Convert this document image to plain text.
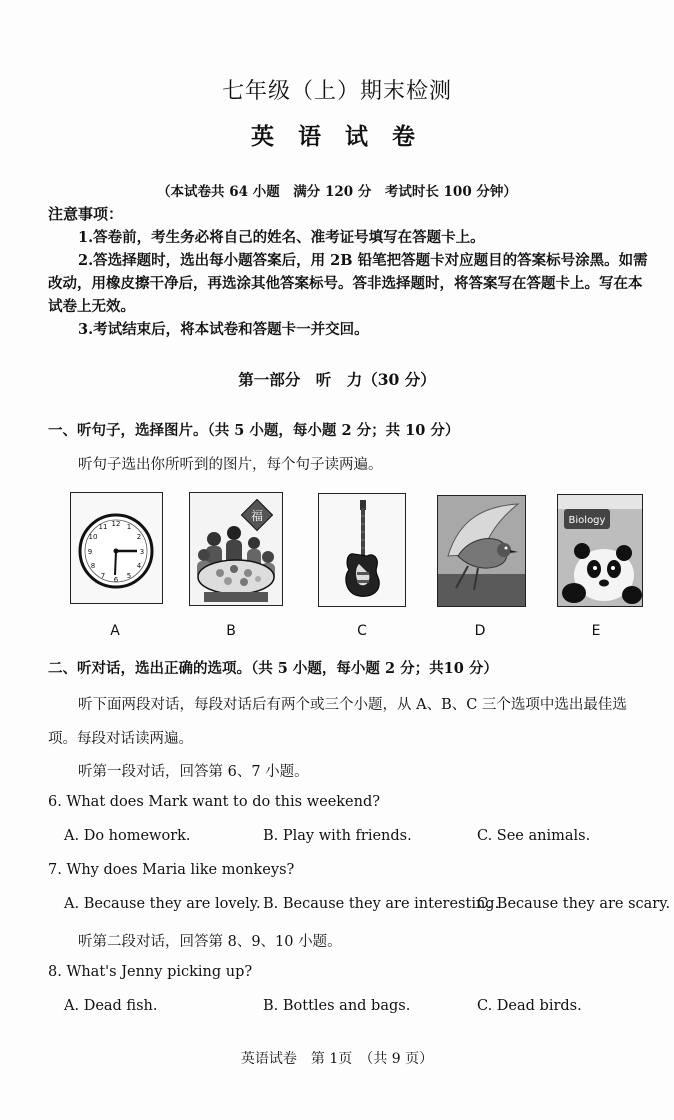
七年级（上）期末检测
英 语 试 卷
（本试卷共 64 小题　满分 120 分　考试时长 100 分钟）
注意事项：
1.答卷前，考生务必将自己的姓名、准考证号填写在答题卡上。
2.答选择题时，选出每小题答案后，用 2B 铅笔把答题卡对应题目的答案标号涂黑。如需改动，用橡皮擦干净后，再选涂其他答案标号。答非选择题时，将答案写在答题卡上。写在本试卷上无效。
3.考试结束后，将本试卷和答题卡一并交回。
第一部分　听　力（30 分）
一、听句子，选择图片。（共 5 小题，每小题 2 分；共 10 分）
听句子选出你所听到的图片，每个句子读两遍。
12 1
2
3
4
5
6
7
8
9
10
11
A
福
B	C	D
Biology
E
二、听对话，选出正确的选项。（共 5 小题，每小题 2 分；共10 分）
听下面两段对话，每段对话后有两个或三个小题，从 A、B、C 三个选项中选出最佳选项。每段对话读两遍。
听第一段对话，回答第 6、7 小题。
6. What does Mark want to do this weekend?
A. Do homework.	B. Play with friends.	C. See animals.
7. Why does Maria like monkeys?
A. Because they are lovely. B. Because they are interesting.
C. Because they are scary.
听第二段对话，回答第 8、9、10 小题。
8. What's Jenny picking up?
A. Dead fish.	B. Bottles and bags.	C. Dead birds.
英语试卷　第 1页　（共 9 页）
